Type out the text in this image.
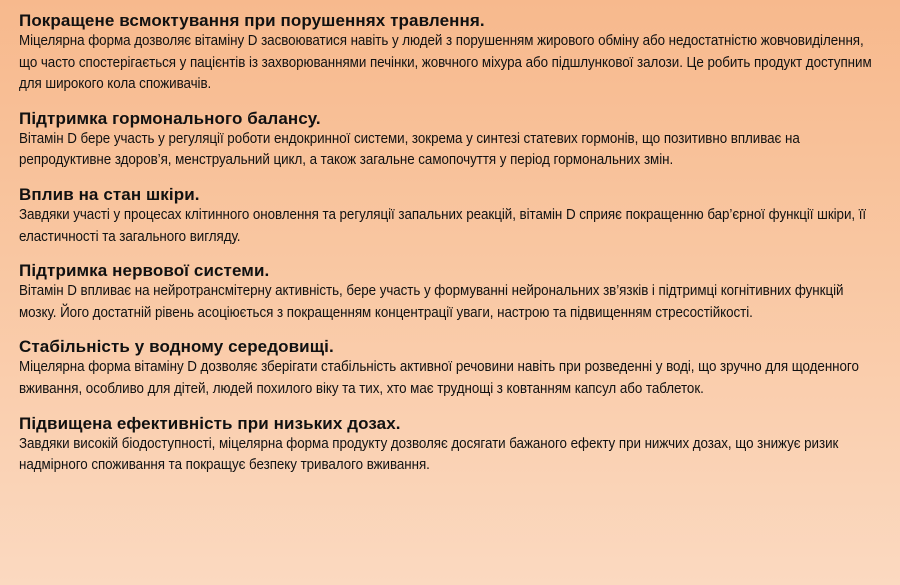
Покращене всмоктування при порушеннях травлення.

Міцелярна форма дозволяє вітаміну D засвоюватися навіть у людей з порушенням жирового обміну або недостатністю жовчовиділення, що часто спостерігається у пацієнтів із захворюваннями печінки, жовчного міхура або підшлункової залози. Це робить продукт доступним для широкого кола споживачів.

Підтримка гормонального балансу.

Вітамін D бере участь у регуляції роботи ендокринної системи, зокрема у синтезі статевих гормонів, що позитивно впливає на репродуктивне здоров’я, менструальний цикл, а також загальне самопочуття у період гормональних змін.

Вплив на стан шкіри.

Завдяки участі у процесах клітинного оновлення та регуляції запальних реакцій, вітамін D сприяє покращенню бар’єрної функції шкіри, її еластичності та загального вигляду.

Підтримка нервової системи.

Вітамін D впливає на нейротрансмітерну активність, бере участь у формуванні нейрональних зв’язків і підтримці когнітивних функцій мозку. Його достатній рівень асоціюється з покращенням концентрації уваги, настрою та підвищенням стресостійкості.

Стабільність у водному середовищі.

Міцелярна форма вітаміну D дозволяє зберігати стабільність активної речовини навіть при розведенні у воді, що зручно для щоденного вживання, особливо для дітей, людей похилого віку та тих, хто має труднощі з ковтанням капсул або таблеток.

Підвищена ефективність при низьких дозах.

Завдяки високій біодоступності, міцелярна форма продукту дозволяє досягати бажаного ефекту при нижчих дозах, що знижує ризик надмірного споживання та покращує безпеку тривалого вживання.
